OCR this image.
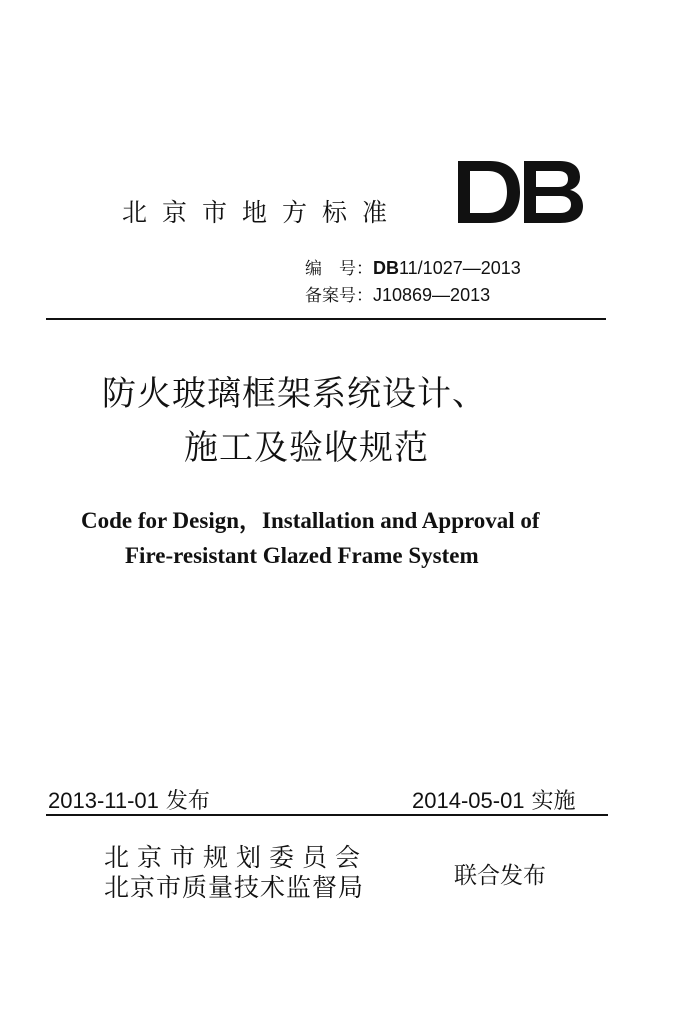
北京市地方标准
编　号：DB11/1027—2013
备案号：J10869—2013
防火玻璃框架系统设计、
施工及验收规范
Code for Design，Installation and Approval of
Fire-resistant Glazed Frame System
2013-11-01 发布	2014-05-01 实施
北京市规划委员会
北京市质量技术监督局	联合发布
